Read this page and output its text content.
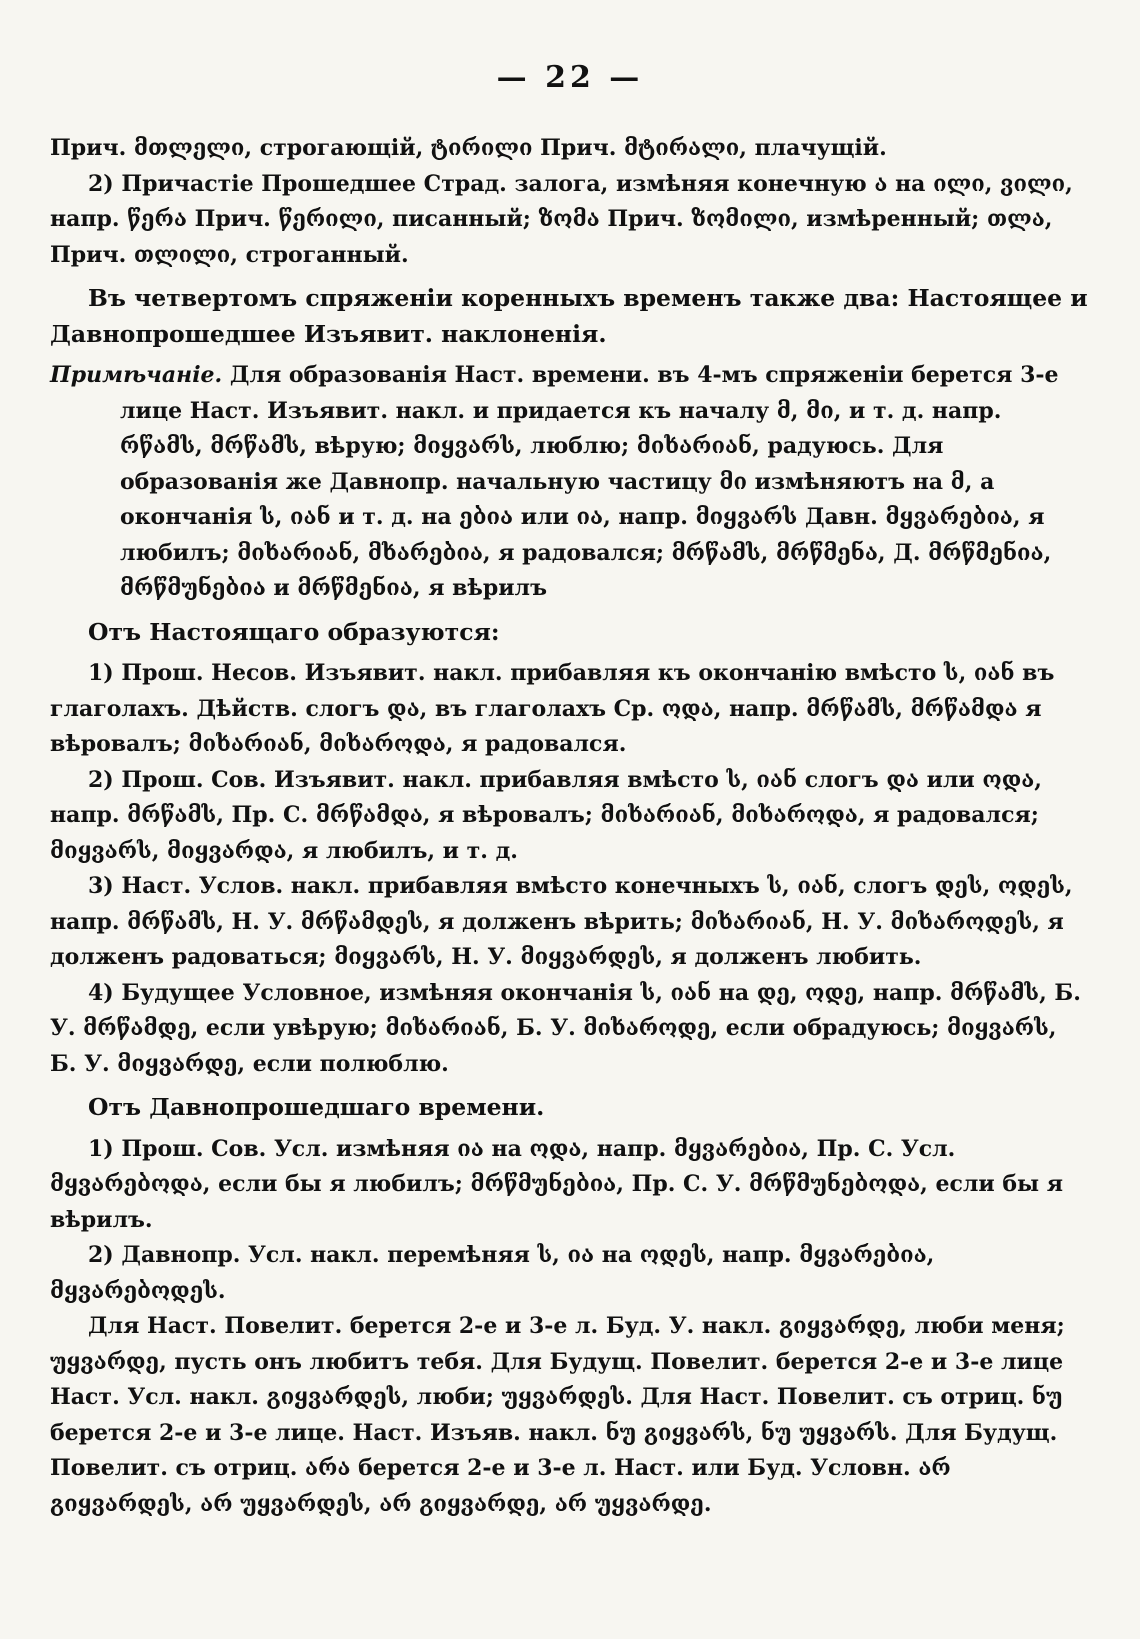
— 22 —

Прич. მთლელი, строгающій, ტირილი Прич. მტირალი, плачущій.

2) Причастіе Прошедшее Страд. залога, измѣняя конечную ა на ილი, ვილი, напр. წერა Прич. წერილი, писанный; ზომა Прич. ზომილი, измѣренный; თლა, Прич. თლილი, строганный.

Въ четвертомъ спряженіи коренныхъ временъ также два: Настоящее и Давнопрошедшее Изъявит. наклоненія.

Примѣчаніе. Для образованія Наст. времени. въ 4-мъ спряженіи берется 3-е лице Наст. Изъявит. накл. и придается къ началу მ, მი, и т. д. напр. რწამს, მრწამს, вѣрую; მიყვარს, люблю; მიხარიან, радуюсь. Для образованія же Давнопр. начальную частицу მი измѣняютъ на მ, а окончанія ს, იან и т. д. на ებია или ია, напр. მიყვარს Давн. მყვარებია, я любилъ; მიხარიან, მხარებია, я радовался; მრწამს, მრწმენა, Д. მრწმენია, მრწმუნებია и მრწმენია, я вѣрилъ

Отъ Настоящаго образуются:

1) Прош. Несов. Изъявит. накл. прибавляя къ окончанію вмѣсто ს, იან въ глаголахъ. Дѣйств. слогъ და, въ глаголахъ Ср. ოდა, напр. მრწამს, მრწამდა я вѣровалъ; მიხარიან, მიხაროდა, я радовался.

2) Прош. Сов. Изъявит. накл. прибавляя вмѣсто ს, იან слогъ და или ოდა, напр. მრწამს, Пр. С. მრწამდა, я вѣровалъ; მიხარიან, მიხაროდა, я радовался; მიყვარს, მიყვარდა, я любилъ, и т. д.

3) Наст. Услов. накл. прибавляя вмѣсто конечныхъ ს, იან, слогъ დეს, ოდეს, напр. მრწამს, Н. У. მრწამდეს, я долженъ вѣрить; მიხარიან, Н. У. მიხაროდეს, я долженъ радоваться; მიყვარს, Н. У. მიყვარდეს, я долженъ любить.

4) Будущее Условное, измѣняя окончанія ს, იან на დე, ოდე, напр. მრწამს, Б. У. მრწამდე, если увѣрую; მიხარიან, Б. У. მიხაროდე, если обрадуюсь; მიყვარს, Б. У. მიყვარდე, если полюблю.

Отъ Давнопрошедшаго времени.

1) Прош. Сов. Усл. измѣняя ია на ოდა, напр. მყვარებია, Пр. С. Усл. მყვარებოდა, если бы я любилъ; მრწმუნებია, Пр. С. У. მრწმუნებოდა, если бы я вѣрилъ.

2) Давнопр. Усл. накл. перемѣняя ს, ია на ოდეს, напр. მყვარებია, მყვარებოდეს.

Для Наст. Повелит. берется 2-е и 3-е л. Буд. У. накл. გიყვარდე, люби меня; უყვარდე, пусть онъ любитъ тебя. Для Будущ. Повелит. берется 2-е и 3-е лице Наст. Усл. накл. გიყვარდეს, люби; უყვარდეს. Для Наст. Повелит. съ отриц. ნუ берется 2-е и 3-е лице. Наст. Изъяв. накл. ნუ გიყვარს, ნუ უყვარს. Для Будущ. Повелит. съ отриц. არა берется 2-е и 3-е л. Наст. или Буд. Условн. არ გიყვარდეს, არ უყვარდეს, არ გიყვარდე, არ უყვარდე.
